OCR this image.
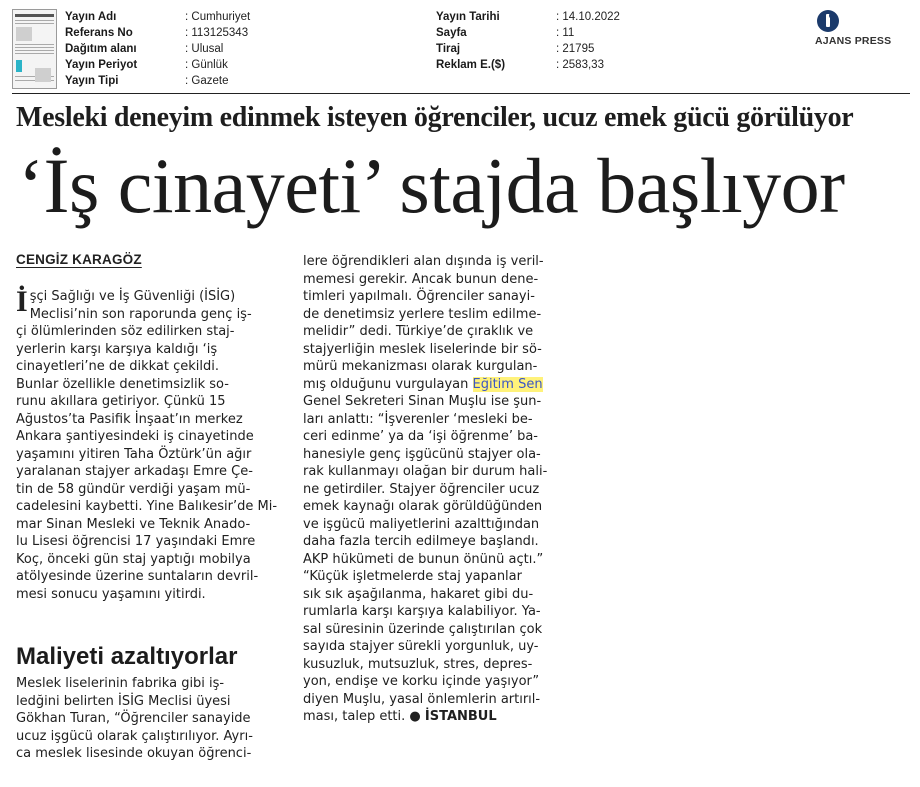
Yayın Adı	: Cumhuriyet
Referans No	: 113125343
Dağıtım alanı	: Ulusal
Yayın Periyot	: Günlük
Yayın Tipi	: Gazete
Yayın Tarihi	: 14.10.2022
Sayfa	: 11
Tiraj	: 21795
Reklam E.($)	: 2583,33
AJANS PRESS
Mesleki deneyim edinmek isteyen öğrenciler, ucuz emek gücü görülüyor
‘İş cinayeti’ stajda başlıyor
CENGİZ KARAGÖZ
İ şçi Sağlığı ve İş Güvenliği (İSİG)
Meclisi’nin son raporunda genç iş-
çi ölümlerinden söz edilirken staj-
yerlerin karşı karşıya kaldığı ‘iş
cinayetleri’ne de dikkat çekildi.
Bunlar özellikle denetimsizlik so-
runu akıllara getiriyor. Çünkü 15
Ağustos’ta Pasifik İnşaat’ın merkez
Ankara şantiyesindeki iş cinayetinde
yaşamını yitiren Taha Öztürk’ün ağır
yaralanan stajyer arkadaşı Emre Çe-
tin de 58 gündür verdiği yaşam mü-
cadelesini kaybetti. Yine Balıkesir’de Mi-
mar Sinan Mesleki ve Teknik Anado-
lu Lisesi öğrencisi 17 yaşındaki Emre
Koç, önceki gün staj yaptığı mobilya
atölyesinde üzerine suntaların devril-
mesi sonucu yaşamını yitirdi.
Maliyeti azaltıyorlar
Meslek liselerinin fabrika gibi iş-
ledğini belirten İSİG Meclisi üyesi
Gökhan Turan, “Öğrenciler sanayide
ucuz işgücü olarak çalıştırılıyor. Ayrı-
ca meslek lisesinde okuyan öğrenci-
lere öğrendikleri alan dışında iş veril-
memesi gerekir. Ancak bunun dene-
timleri yapılmalı. Öğrenciler sanayi-
de denetimsiz yerlere teslim edilme-
melidir” dedi. Türkiye’de çıraklık ve
stajyerliğin meslek liselerinde bir sö-
mürü mekanizması olarak kurgulan-
mış olduğunu vurgulayan Eğitim Sen
Genel Sekreteri Sinan Muşlu ise şun-
ları anlattı: “İşverenler ‘mesleki be-
ceri edinme’ ya da ‘işi öğrenme’ ba-
hanesiyle genç işgücünü stajyer ola-
rak kullanmayı olağan bir durum hali-
ne getirdiler. Stajyer öğrenciler ucuz
emek kaynağı olarak görüldüğünden
ve işgücü maliyetlerini azalttığından
daha fazla tercih edilmeye başlandı.
AKP hükümeti de bunun önünü açtı.”
“Küçük işletmelerde staj yapanlar
sık sık aşağılanma, hakaret gibi du-
rumlarla karşı karşıya kalabiliyor. Ya-
sal süresinin üzerinde çalıştırılan çok
sayıda stajyer sürekli yorgunluk, uy-
kusuzluk, mutsuzluk, stres, depres-
yon, endişe ve korku içinde yaşıyor”
diyen Muşlu, yasal önlemlerin artırıl-
ması, talep etti. ● İSTANBUL
